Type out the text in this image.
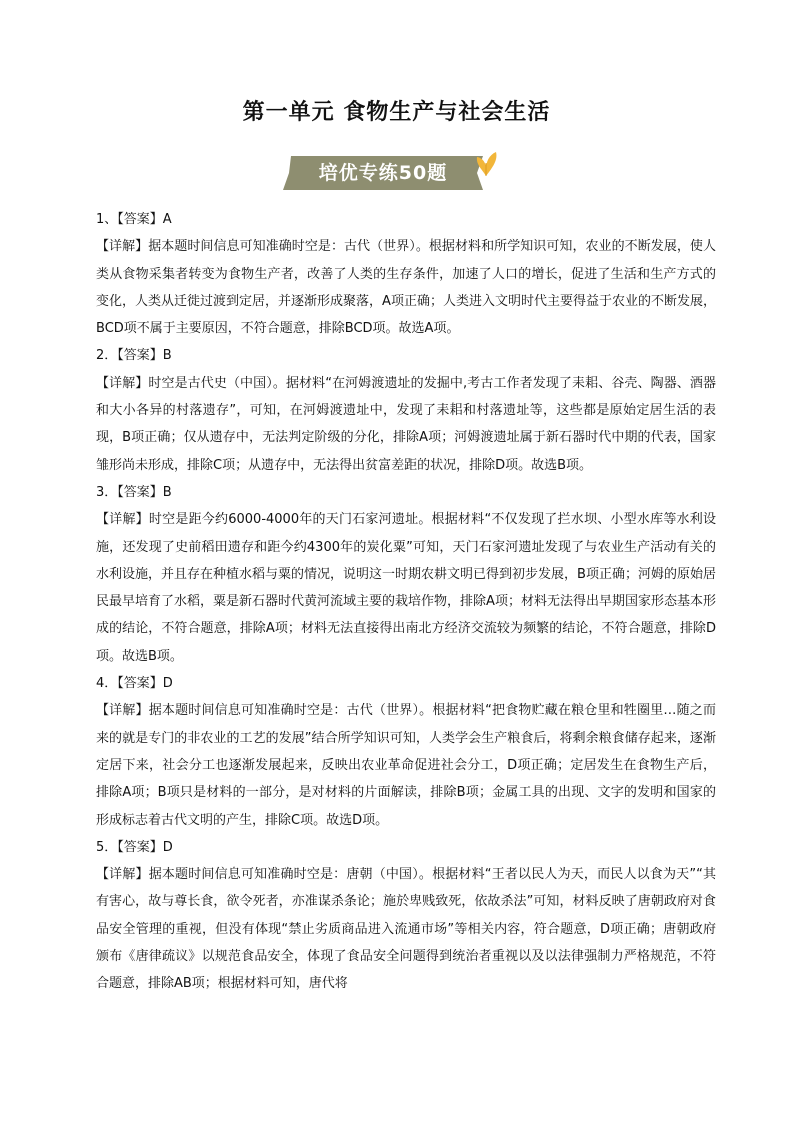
第一单元 食物生产与社会生活
培优专练50题

1、【答案】A

【详解】据本题时间信息可知准确时空是：古代（世界）。根据材料和所学知识可知，农业的不断发展，使人类从食物采集者转变为食物生产者，改善了人类的生存条件，加速了人口的增长，促进了生活和生产方式的变化，人类从迁徙过渡到定居，并逐渐形成聚落，A项正确；人类进入文明时代主要得益于农业的不断发展，BCD项不属于主要原因，不符合题意，排除BCD项。故选A项。

2．【答案】B

【详解】时空是古代史（中国）。据材料“在河姆渡遗址的发掘中,考古工作者发现了耒耜、谷壳、陶器、酒器和大小各异的村落遗存”，可知，在河姆渡遗址中，发现了耒耜和村落遗址等，这些都是原始定居生活的表现，B项正确；仅从遗存中，无法判定阶级的分化，排除A项；河姆渡遗址属于新石器时代中期的代表，国家雏形尚未形成，排除C项；从遗存中，无法得出贫富差距的状况，排除D项。故选B项。

3．【答案】B

【详解】时空是距今约6000-4000年的天门石家河遗址。根据材料“不仅发现了拦水坝、小型水库等水利设施，还发现了史前稻田遗存和距今约4300年的炭化粟”可知，天门石家河遗址发现了与农业生产活动有关的水利设施，并且存在种植水稻与粟的情况，说明这一时期农耕文明已得到初步发展，B项正确；河姆的原始居民最早培育了水稻，粟是新石器时代黄河流域主要的栽培作物，排除A项；材料无法得出早期国家形态基本形成的结论，不符合题意，排除A项；材料无法直接得出南北方经济交流较为频繁的结论，不符合题意，排除D项。故选B项。

4．【答案】D

【详解】据本题时间信息可知准确时空是：古代（世界）。根据材料“把食物贮藏在粮仓里和牲圈里…随之而来的就是专门的非农业的工艺的发展”结合所学知识可知，人类学会生产粮食后，将剩余粮食储存起来，逐渐定居下来，社会分工也逐渐发展起来，反映出农业革命促进社会分工，D项正确；定居发生在食物生产后，排除A项；B项只是材料的一部分，是对材料的片面解读，排除B项；金属工具的出现、文字的发明和国家的形成标志着古代文明的产生，排除C项。故选D项。

5．【答案】D

【详解】据本题时间信息可知准确时空是：唐朝（中国）。根据材料“王者以民人为天，而民人以食为天”“其有害心，故与尊长食，欲令死者，亦准谋杀条论；施於卑贱致死，依故杀法”可知，材料反映了唐朝政府对食品安全管理的重视，但没有体现“禁止劣质商品进入流通市场”等相关内容，符合题意，D项正确；唐朝政府颁布《唐律疏议》以规范食品安全，体现了食品安全问题得到统治者重视以及以法律强制力严格规范，不符合题意，排除AB项；根据材料可知，唐代将
